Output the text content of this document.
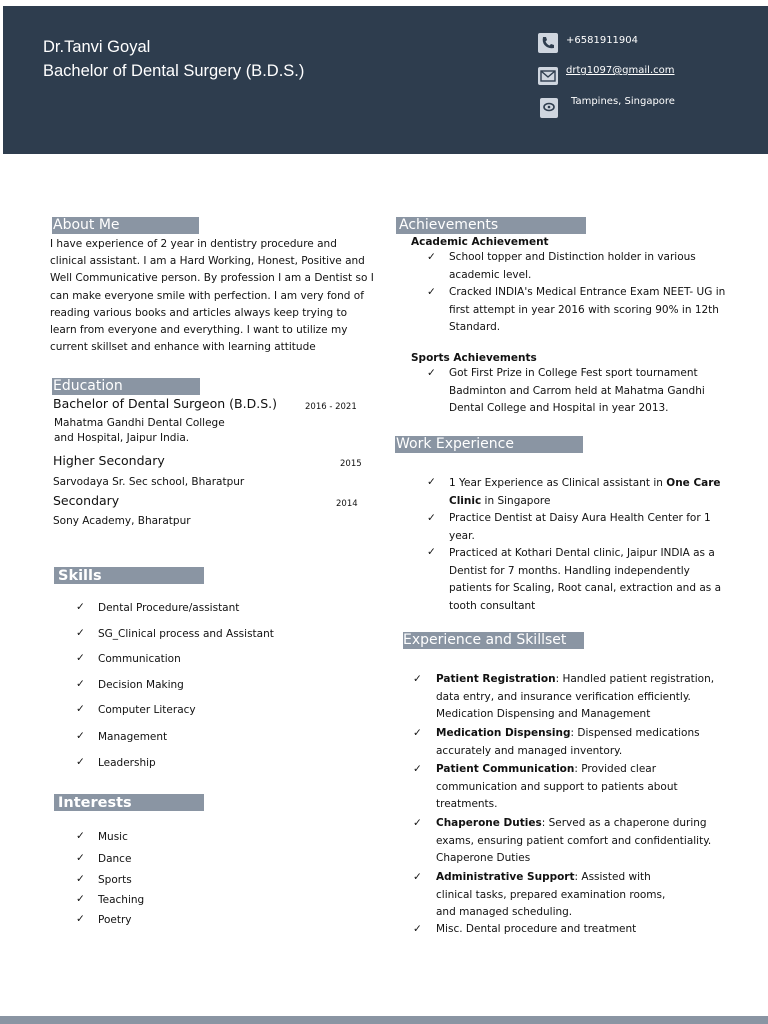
Dr.Tanvi Goyal
Bachelor of Dental Surgery (B.D.S.)
+6581911904
drtg1097@gmail.com
Tampines, Singapore
About Me
I have experience of 2 year in dentistry procedure and clinical assistant. I am a Hard Working, Honest, Positive and Well Communicative person. By profession I am a Dentist so I can make everyone smile with perfection. I am very fond of reading various books and articles always keep trying to learn from everyone and everything. I want to utilize my current skillset and enhance with learning attitude
Education
Bachelor of Dental Surgeon (B.D.S.)	2016 - 2021
Mahatma Gandhi Dental College
and Hospital, Jaipur India.
Higher Secondary	2015
Sarvodaya Sr. Sec school, Bharatpur
Secondary	2014
Sony Academy, Bharatpur
Skills
✓ Dental Procedure/assistant
✓ SG_Clinical process and Assistant
✓ Communication
✓ Decision Making
✓ Computer Literacy
✓ Management
✓ Leadership
Interests
✓ Music
✓ Dance
✓ Sports
✓ Teaching
✓ Poetry
Achievements
Academic Achievement
✓ School topper and Distinction holder in various academic level.
✓ Cracked INDIA's Medical Entrance Exam NEET- UG in first attempt in year 2016 with scoring 90% in 12th Standard.
Sports Achievements
✓ Got First Prize in College Fest sport tournament Badminton and Carrom held at Mahatma Gandhi Dental College and Hospital in year 2013.
Work Experience
✓ 1 Year Experience as Clinical assistant in One Care Clinic in Singapore
✓ Practice Dentist at Daisy Aura Health Center for 1 year.
✓ Practiced at Kothari Dental clinic, Jaipur INDIA as a Dentist for 7 months. Handling independently patients for Scaling, Root canal, extraction and as a tooth consultant
Experience and Skillset
✓ Patient Registration: Handled patient registration, data entry, and insurance verification efficiently. Medication Dispensing and Management
✓ Medication Dispensing: Dispensed medications accurately and managed inventory.
✓ Patient Communication: Provided clear communication and support to patients about treatments.
✓ Chaperone Duties: Served as a chaperone during exams, ensuring patient comfort and confidentiality. Chaperone Duties
✓ Administrative Support: Assisted with clinical tasks, prepared examination rooms, and managed scheduling.
✓ Misc. Dental procedure and treatment
